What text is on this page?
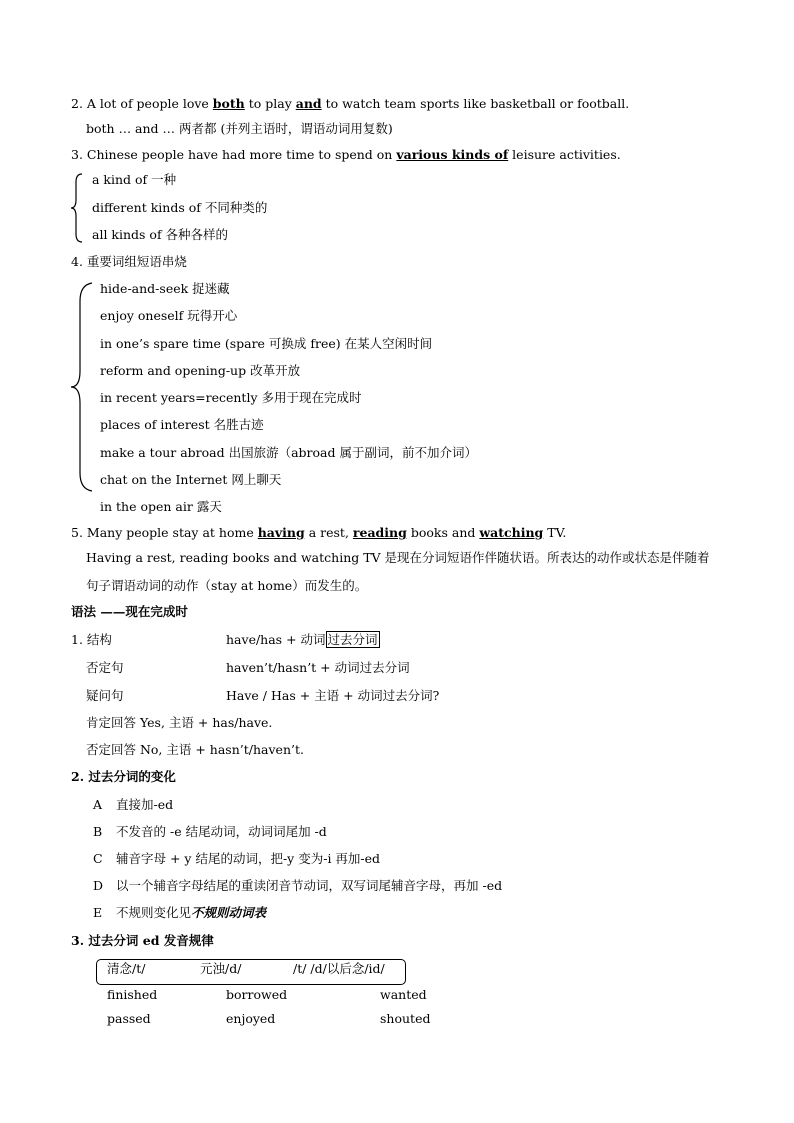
2. A lot of people love both to play and to watch team sports like basketball or football.
both … and … 两者都 (并列主语时，谓语动词用复数)
3. Chinese people have had more time to spend on various kinds of leisure activities.
a kind of 一种
different kinds of 不同种类的
all kinds of 各种各样的
4. 重要词组短语串烧
hide-and-seek 捉迷藏
enjoy oneself 玩得开心
in one’s spare time (spare 可换成 free) 在某人空闲时间
reform and opening-up 改革开放
in recent years=recently 多用于现在完成时
places of interest 名胜古迹
make a tour abroad 出国旅游（abroad 属于副词，前不加介词）
chat on the Internet 网上聊天
in the open air 露天
5. Many people stay at home having a rest, reading books and watching TV.
Having a rest, reading books and watching TV 是现在分词短语作伴随状语。所表达的动作或状态是伴随着
句子谓语动词的动作（stay at home）而发生的。
语法 ——现在完成时
1. 结构	have/has + 动词 过去分词
否定句	haven’t/hasn’t + 动词过去分词
疑问句	Have / Has + 主语 + 动词过去分词?
肯定回答 Yes, 主语 + has/have.
否定回答 No, 主语 + hasn’t/haven’t.
2. 过去分词的变化
A 直接加-ed
B 不发音的 -e 结尾动词，动词词尾加 -d
C 辅音字母 + y 结尾的动词，把-y 变为-i 再加-ed
D 以一个辅音字母结尾的重读闭音节动词，双写词尾辅音字母，再加 -ed
E 不规则变化见不规则动词表
3. 过去分词 ed 发音规律
清念/t/	元浊/d/	/t/ /d/以后念/id/
finished	borrowed	wanted
passed	enjoyed	shouted
